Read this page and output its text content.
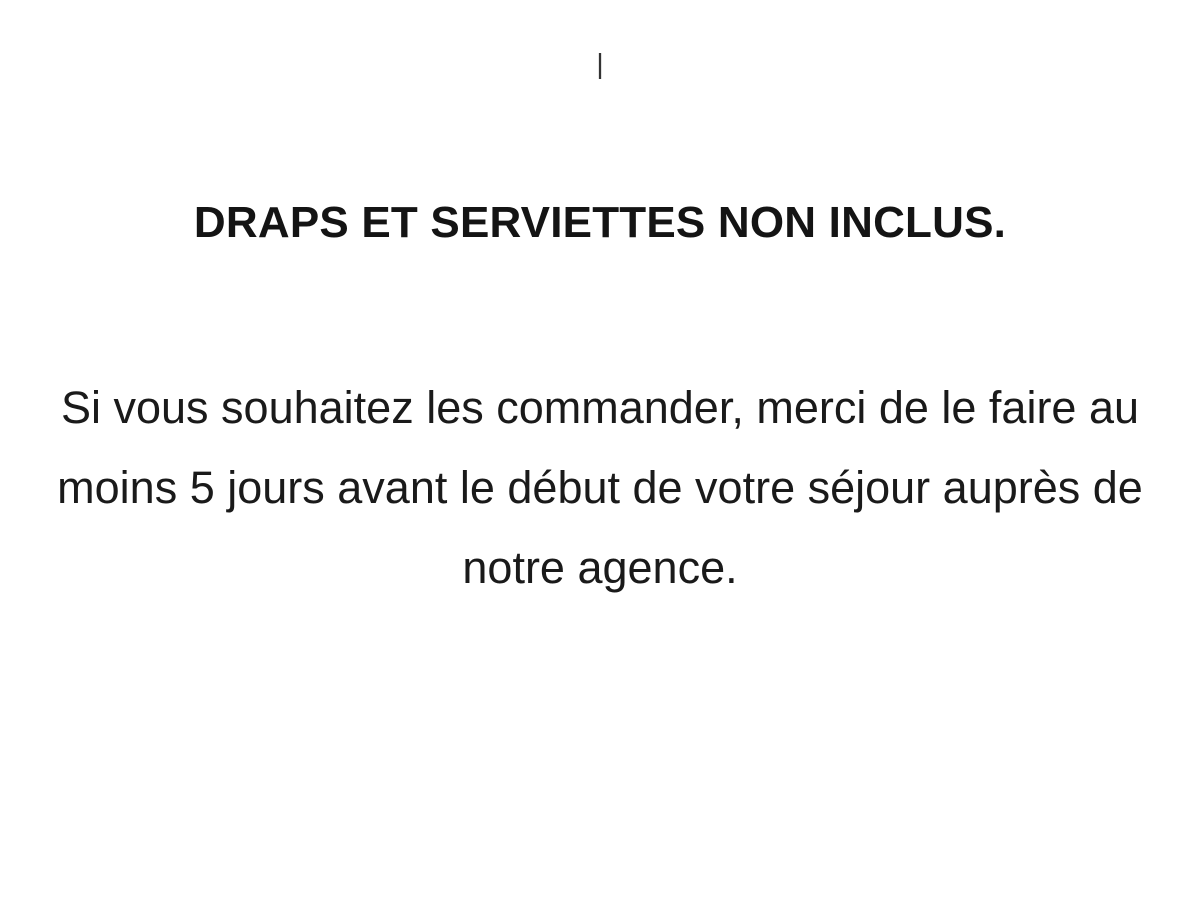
|
DRAPS ET SERVIETTES NON INCLUS.

Si vous souhaitez les commander, merci de le faire au moins 5 jours avant le début de votre séjour auprès de notre agence.
